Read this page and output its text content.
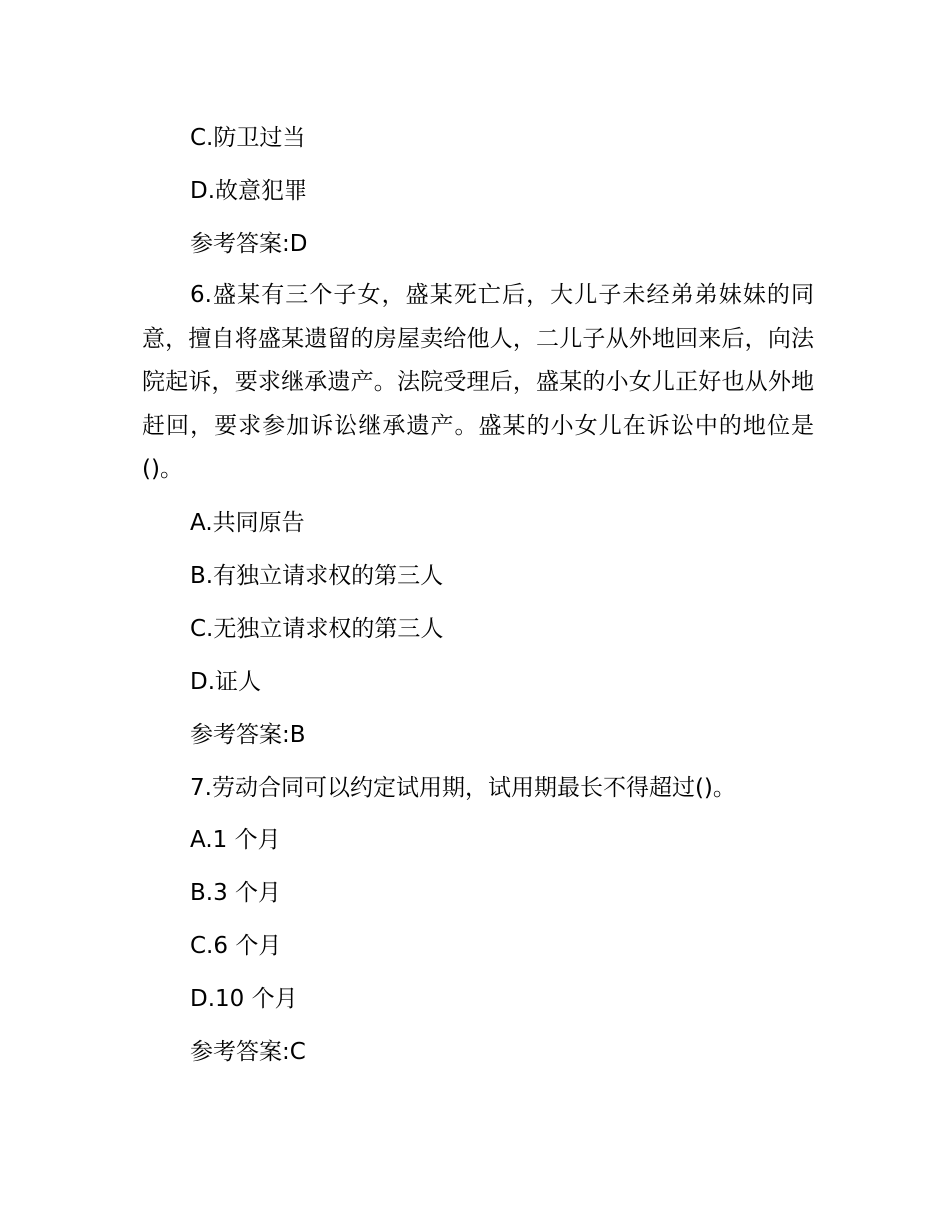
C.防卫过当
D.故意犯罪
参考答案:D
6.盛某有三个子女，盛某死亡后，大儿子未经弟弟妹妹的同意，擅自将盛某遗留的房屋卖给他人，二儿子从外地回来后，向法院起诉，要求继承遗产。法院受理后，盛某的小女儿正好也从外地赶回，要求参加诉讼继承遗产。盛某的小女儿在诉讼中的地位是()。
A.共同原告
B.有独立请求权的第三人
C.无独立请求权的第三人
D.证人
参考答案:B
7.劳动合同可以约定试用期，试用期最长不得超过()。
A.1 个月
B.3 个月
C.6 个月
D.10 个月
参考答案:C
